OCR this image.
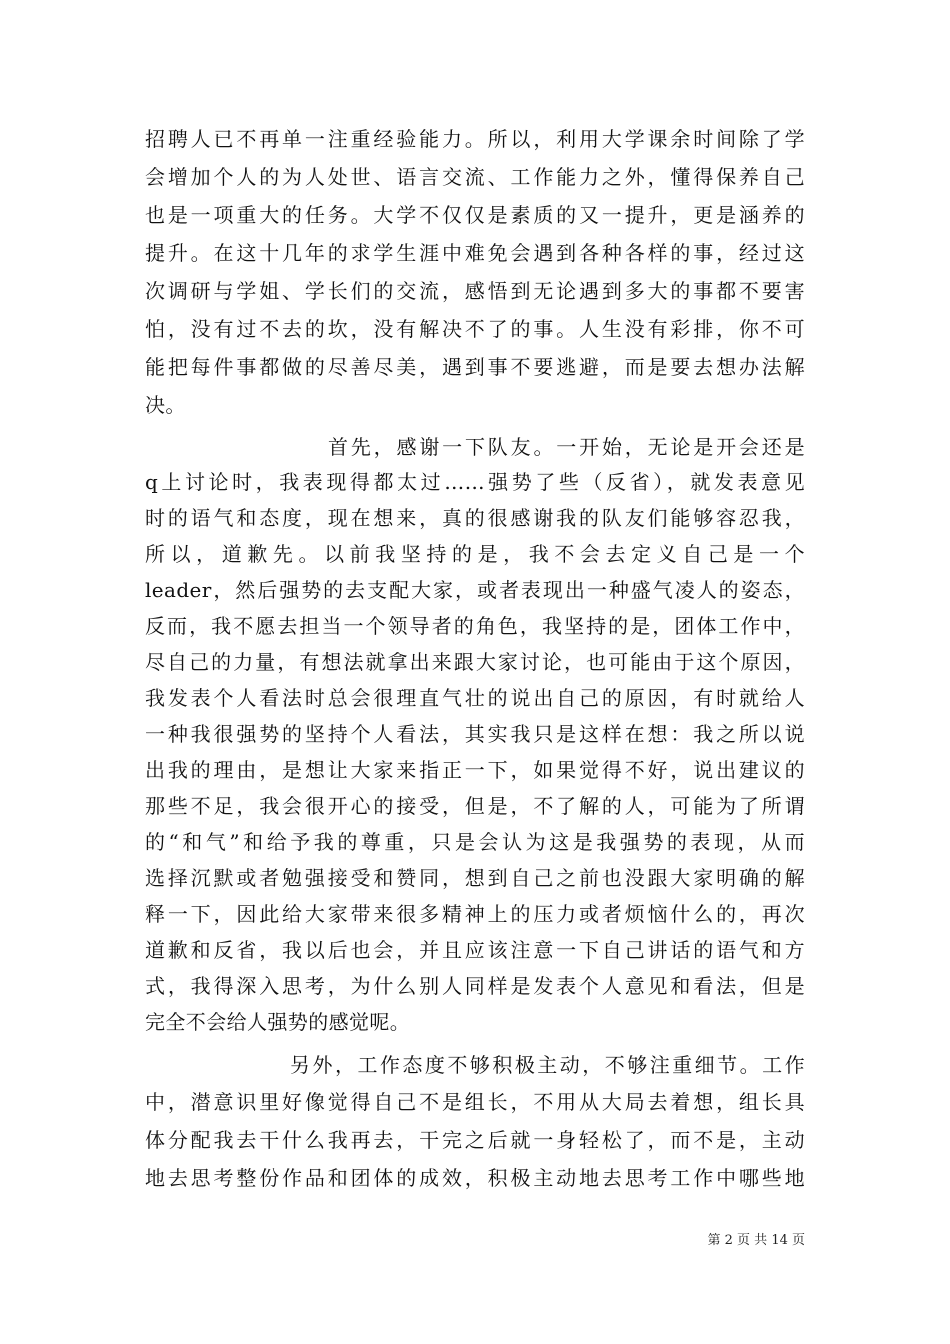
招聘人已不再单一注重经验能力。所以，利用大学课余时间除了学
会增加个人的为人处世、语言交流、工作能力之外，懂得保养自己
也是一项重大的任务。大学不仅仅是素质的又一提升，更是涵养的
提升。在这十几年的求学生涯中难免会遇到各种各样的事，经过这
次调研与学姐、学长们的交流，感悟到无论遇到多大的事都不要害
怕，没有过不去的坎，没有解决不了的事。人生没有彩排，你不可
能把每件事都做的尽善尽美，遇到事不要逃避，而是要去想办法解
决。
首先，感谢一下队友。一开始，无论是开会还是
q上讨论时，我表现得都太过……强势了些（反省），就发表意见
时的语气和态度，现在想来，真的很感谢我的队友们能够容忍我，
所以，道歉先。以前我坚持的是，我不会去定义自己是一个
leader，然后强势的去支配大家，或者表现出一种盛气凌人的姿态，
反而，我不愿去担当一个领导者的角色，我坚持的是，团体工作中，
尽自己的力量，有想法就拿出来跟大家讨论，也可能由于这个原因，
我发表个人看法时总会很理直气壮的说出自己的原因，有时就给人
一种我很强势的坚持个人看法，其实我只是这样在想：我之所以说
出我的理由，是想让大家来指正一下，如果觉得不好，说出建议的
那些不足，我会很开心的接受，但是，不了解的人，可能为了所谓
的“和气”和给予我的尊重，只是会认为这是我强势的表现，从而
选择沉默或者勉强接受和赞同，想到自己之前也没跟大家明确的解
释一下，因此给大家带来很多精神上的压力或者烦恼什么的，再次
道歉和反省，我以后也会，并且应该注意一下自己讲话的语气和方
式，我得深入思考，为什么别人同样是发表个人意见和看法，但是
完全不会给人强势的感觉呢。
另外，工作态度不够积极主动，不够注重细节。工作
中，潜意识里好像觉得自己不是组长，不用从大局去着想，组长具
体分配我去干什么我再去，干完之后就一身轻松了，而不是，主动
地去思考整份作品和团体的成效，积极主动地去思考工作中哪些地
第 2 页 共 14 页
